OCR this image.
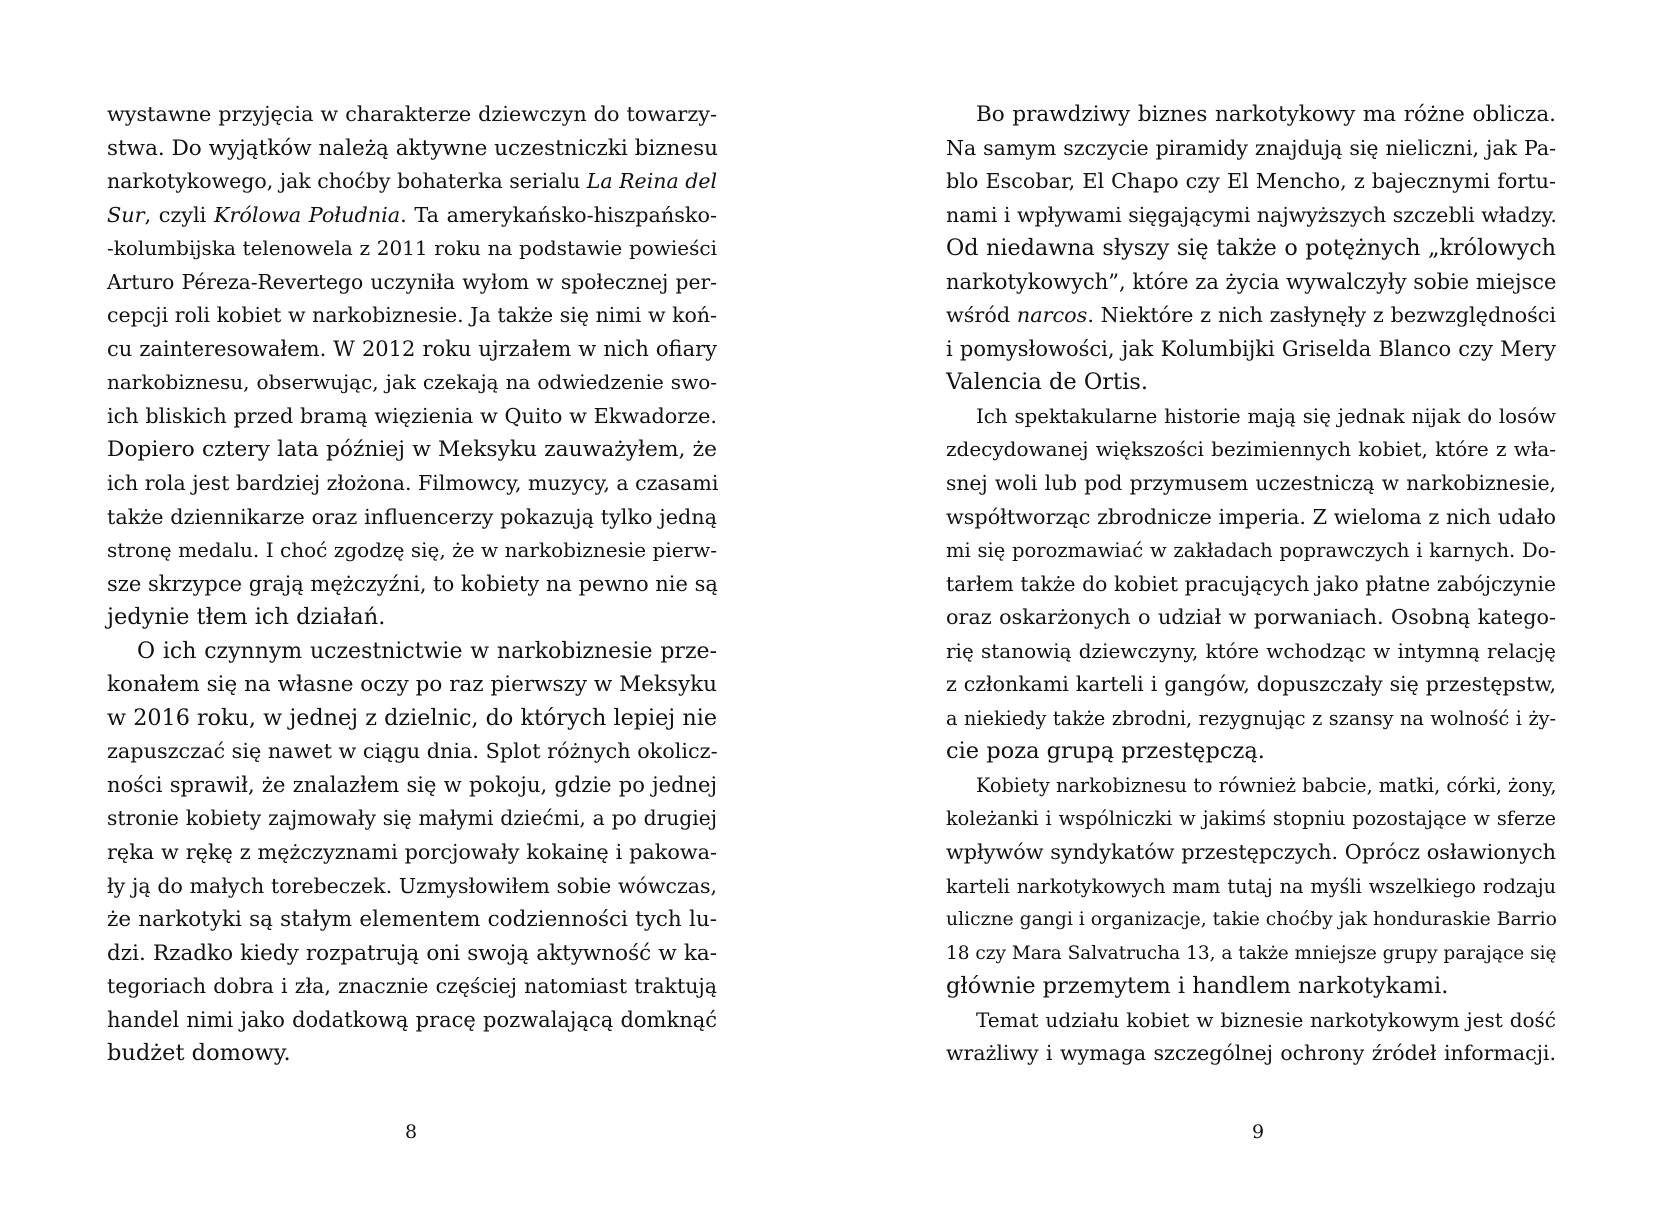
wystawne przyjęcia w charakterze dziewczyn do towarzy-
stwa. Do wyjątków należą aktywne uczestniczki biznesu
narkotykowego, jak choćby bohaterka serialu La Reina del
Sur, czyli Królowa Południa. Ta amerykańsko-hiszpańsko-
-kolumbijska telenowela z 2011 roku na podstawie powieści
Arturo Péreza-Revertego uczyniła wyłom w społecznej per-
cepcji roli kobiet w narkobiznesie. Ja także się nimi w koń-
cu zainteresowałem. W 2012 roku ujrzałem w nich ofiary
narkobiznesu, obserwując, jak czekają na odwiedzenie swo-
ich bliskich przed bramą więzienia w Quito w Ekwadorze.
Dopiero cztery lata później w Meksyku zauważyłem, że
ich rola jest bardziej złożona. Filmowcy, muzycy, a czasami
także dziennikarze oraz influencerzy pokazują tylko jedną
stronę medalu. I choć zgodzę się, że w narkobiznesie pierw-
sze skrzypce grają mężczyźni, to kobiety na pewno nie są
jedynie tłem ich działań.
O ich czynnym uczestnictwie w narkobiznesie prze-
konałem się na własne oczy po raz pierwszy w Meksyku
w 2016 roku, w jednej z dzielnic, do których lepiej nie
zapuszczać się nawet w ciągu dnia. Splot różnych okolicz-
ności sprawił, że znalazłem się w pokoju, gdzie po jednej
stronie kobiety zajmowały się małymi dziećmi, a po drugiej
ręka w rękę z mężczyznami porcjowały kokainę i pakowa-
ły ją do małych torebeczek. Uzmysłowiłem sobie wówczas,
że narkotyki są stałym elementem codzienności tych lu-
dzi. Rzadko kiedy rozpatrują oni swoją aktywność w ka-
tegoriach dobra i zła, znacznie częściej natomiast traktują
handel nimi jako dodatkową pracę pozwalającą domknąć
budżet domowy.
8
Bo prawdziwy biznes narkotykowy ma różne oblicza.
Na samym szczycie piramidy znajdują się nieliczni, jak Pa-
blo Escobar, El Chapo czy El Mencho, z bajecznymi fortu-
nami i wpływami sięgającymi najwyższych szczebli władzy.
Od niedawna słyszy się także o potężnych „królowych
narkotykowych”, które za życia wywalczyły sobie miejsce
wśród narcos. Niektóre z nich zasłynęły z bezwzględności
i pomysłowości, jak Kolumbijki Griselda Blanco czy Mery
Valencia de Ortis.
Ich spektakularne historie mają się jednak nijak do losów
zdecydowanej większości bezimiennych kobiet, które z wła-
snej woli lub pod przymusem uczestniczą w narkobiznesie,
współtworząc zbrodnicze imperia. Z wieloma z nich udało
mi się porozmawiać w zakładach poprawczych i karnych. Do-
tarłem także do kobiet pracujących jako płatne zabójczynie
oraz oskarżonych o udział w porwaniach. Osobną katego-
rię stanowią dziewczyny, które wchodząc w intymną relację
z członkami karteli i gangów, dopuszczały się przestępstw,
a niekiedy także zbrodni, rezygnując z szansy na wolność i ży-
cie poza grupą przestępczą.
Kobiety narkobiznesu to również babcie, matki, córki, żony,
koleżanki i wspólniczki w jakimś stopniu pozostające w sferze
wpływów syndykatów przestępczych. Oprócz osławionych
karteli narkotykowych mam tutaj na myśli wszelkiego rodzaju
uliczne gangi i organizacje, takie choćby jak honduraskie Barrio
18 czy Mara Salvatrucha 13, a także mniejsze grupy parające się
głównie przemytem i handlem narkotykami.
Temat udziału kobiet w biznesie narkotykowym jest dość
wrażliwy i wymaga szczególnej ochrony źródeł informacji.
9
